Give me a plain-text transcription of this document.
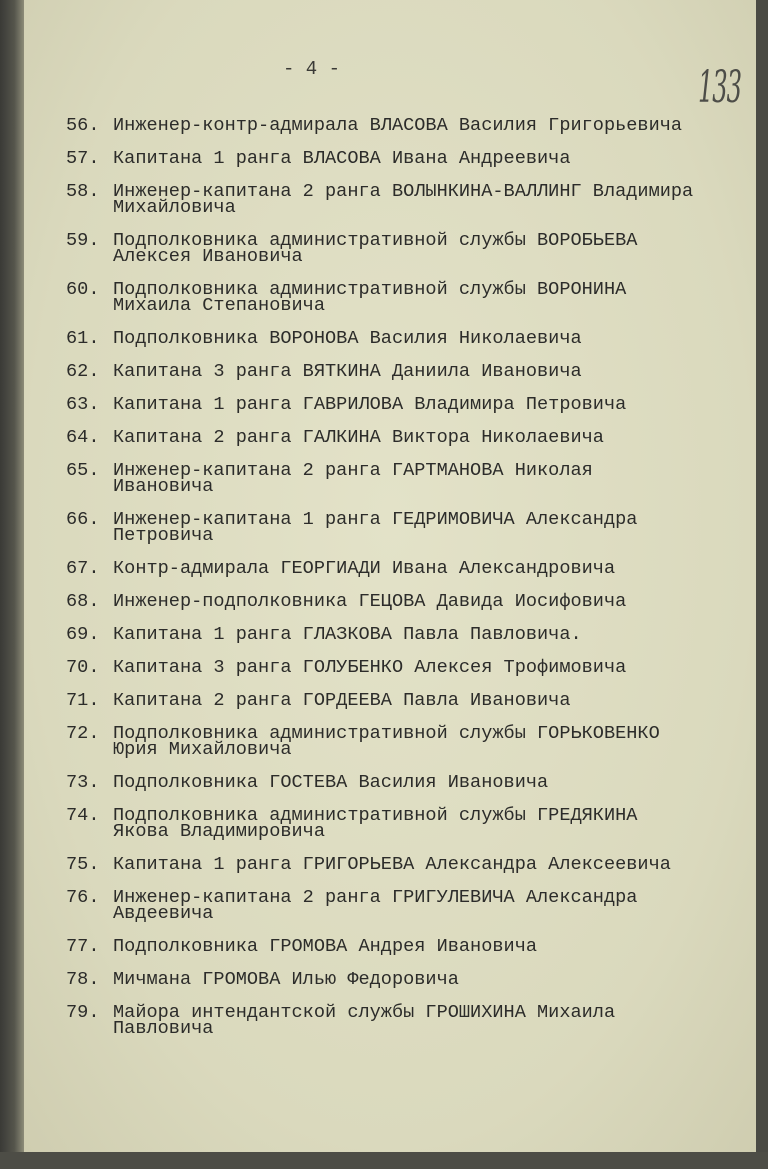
- 4 -	133
56. Инженер-контр-адмирала ВЛАСОВА Василия Григорьевича
57. Капитана 1 ранга ВЛАСОВА Ивана Андреевича
58. Инженер-капитана 2 ранга ВОЛЫНКИНА-ВАЛЛИНГ Владимира
Михайловича
59. Подполковника административной службы ВОРОБЬЕВА
Алексея Ивановича
60. Подполковника административной службы ВОРОНИНА
Михаила Степановича
61. Подполковника ВОРОНОВА Василия Николаевича
62. Капитана 3 ранга ВЯТКИНА Даниила Ивановича
63. Капитана 1 ранга ГАВРИЛОВА Владимира Петровича
64. Капитана 2 ранга ГАЛКИНА Виктора Николаевича
65. Инженер-капитана 2 ранга ГАРТМАНОВА Николая
Ивановича
66. Инженер-капитана 1 ранга ГЕДРИМОВИЧА Александра
Петровича
67. Контр-адмирала ГЕОРГИАДИ Ивана Александровича
68. Инженер-подполковника ГЕЦОВА Давида Иосифовича
69. Капитана 1 ранга ГЛАЗКОВА Павла Павловича.
70. Капитана 3 ранга ГОЛУБЕНКО Алексея Трофимовича
71. Капитана 2 ранга ГОРДЕЕВА Павла Ивановича
72. Подполковника административной службы ГОРЬКОВЕНКО
Юрия Михайловича
73. Подполковника ГОСТЕВА Василия Ивановича
74. Подполковника административной службы ГРЕДЯКИНА
Якова Владимировича
75. Капитана 1 ранга ГРИГОРЬЕВА Александра Алексеевича
76. Инженер-капитана 2 ранга ГРИГУЛЕВИЧА Александра
Авдеевича
77. Подполковника ГРОМОВА Андрея Ивановича
78. Мичмана ГРОМОВА Илью Федоровича
79. Майора интендантской службы ГРОШИХИНА Михаила
Павловича
